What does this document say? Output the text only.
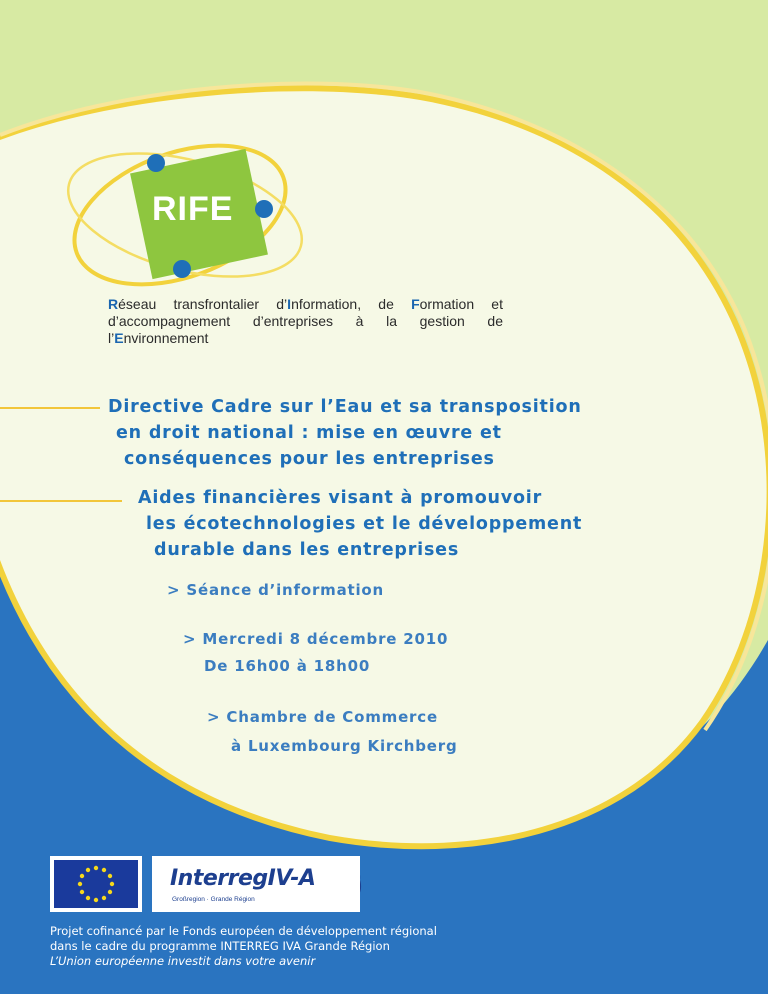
RIFE
Réseau transfrontalier d’Information, de Formation et d’accompagnement d’entreprises à la gestion de l’Environnement
Directive Cadre sur l’Eau et sa transposition
en droit national : mise en œuvre et
conséquences pour les entreprises
Aides financières visant à promouvoir
les écotechnologies et le développement
durable dans les entreprises
> Séance d’information
> Mercredi 8 décembre 2010
De 16h00 à 18h00
> Chambre de Commerce
à Luxembourg Kirchberg
InterregIV-A
Großregion · Grande Région
Projet cofinancé par le Fonds européen de développement régional
dans le cadre du programme INTERREG IVA Grande Région
L’Union européenne investit dans votre avenir
